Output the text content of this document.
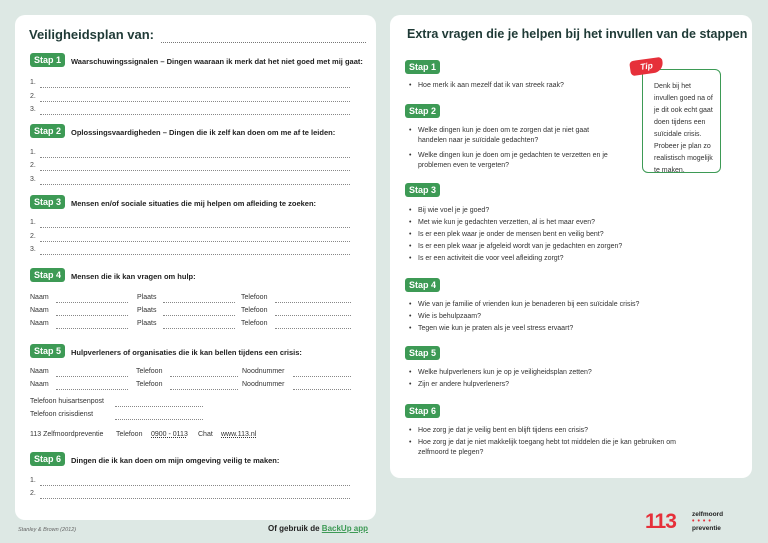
Veiligheidsplan van:
Stap 1	Waarschuwingssignalen – Dingen waaraan ik merk dat het niet goed met mij gaat:
1.
2.
3.
Stap 2	Oplossingsvaardigheden – Dingen die ik zelf kan doen om me af te leiden:
1.
2.
3.
Stap 3	Mensen en/of sociale situaties die mij helpen om afleiding te zoeken:
1.
2.
3.
Stap 4	Mensen die ik kan vragen om hulp:
Naam	Plaats	Telefoon
Naam	Plaats	Telefoon
Naam	Plaats	Telefoon
Stap 5	Hulpverleners of organisaties die ik kan bellen tijdens een crisis:
Naam	Telefoon	Noodnummer
Naam	Telefoon	Noodnummer
Telefoon huisartsenpost
Telefoon crisisdienst
113 Zelfmoordpreventie Telefoon 0900 - 0113 Chat www.113.nl
Stap 6	Dingen die ik kan doen om mijn omgeving veilig te maken:
1.
2.
Extra vragen die je helpen bij het invullen van de stappen
Stap 1
• Hoe merk ik aan mezelf dat ik van streek raak?
Stap 2
• Welke dingen kun je doen om te zorgen dat je niet gaat handelen naar je suïcidale gedachten?
• Welke dingen kun je doen om je gedachten te verzetten en je problemen even te vergeten?
Stap 3
• Bij wie voel je je goed?
• Met wie kun je gedachten verzetten, al is het maar even?
• Is er een plek waar je onder de mensen bent en veilig bent?
• Is er een plek waar je afgeleid wordt van je gedachten en zorgen?
• Is er een activiteit die voor veel afleiding zorgt?
Stap 4
• Wie van je familie of vrienden kun je benaderen bij een suïcidale crisis?
• Wie is behulpzaam?
• Tegen wie kun je praten als je veel stress ervaart?
Stap 5
• Welke hulpverleners kun je op je veiligheidsplan zetten?
• Zijn er andere hulpverleners?
Stap 6
• Hoe zorg je dat je veilig bent en blijft tijdens een crisis?
• Hoe zorg je dat je niet makkelijk toegang hebt tot middelen die je kan gebruiken om zelfmoord te plegen?
Denk bij het invullen goed na of je dit ook echt gaat doen tijdens een suïcidale crisis. Probeer je plan zo realistisch mogelijk te maken.
Tip
Stanley & Brown (2012)	Of gebruik de BackUp app	113 zelfmoord
••••
preventie
